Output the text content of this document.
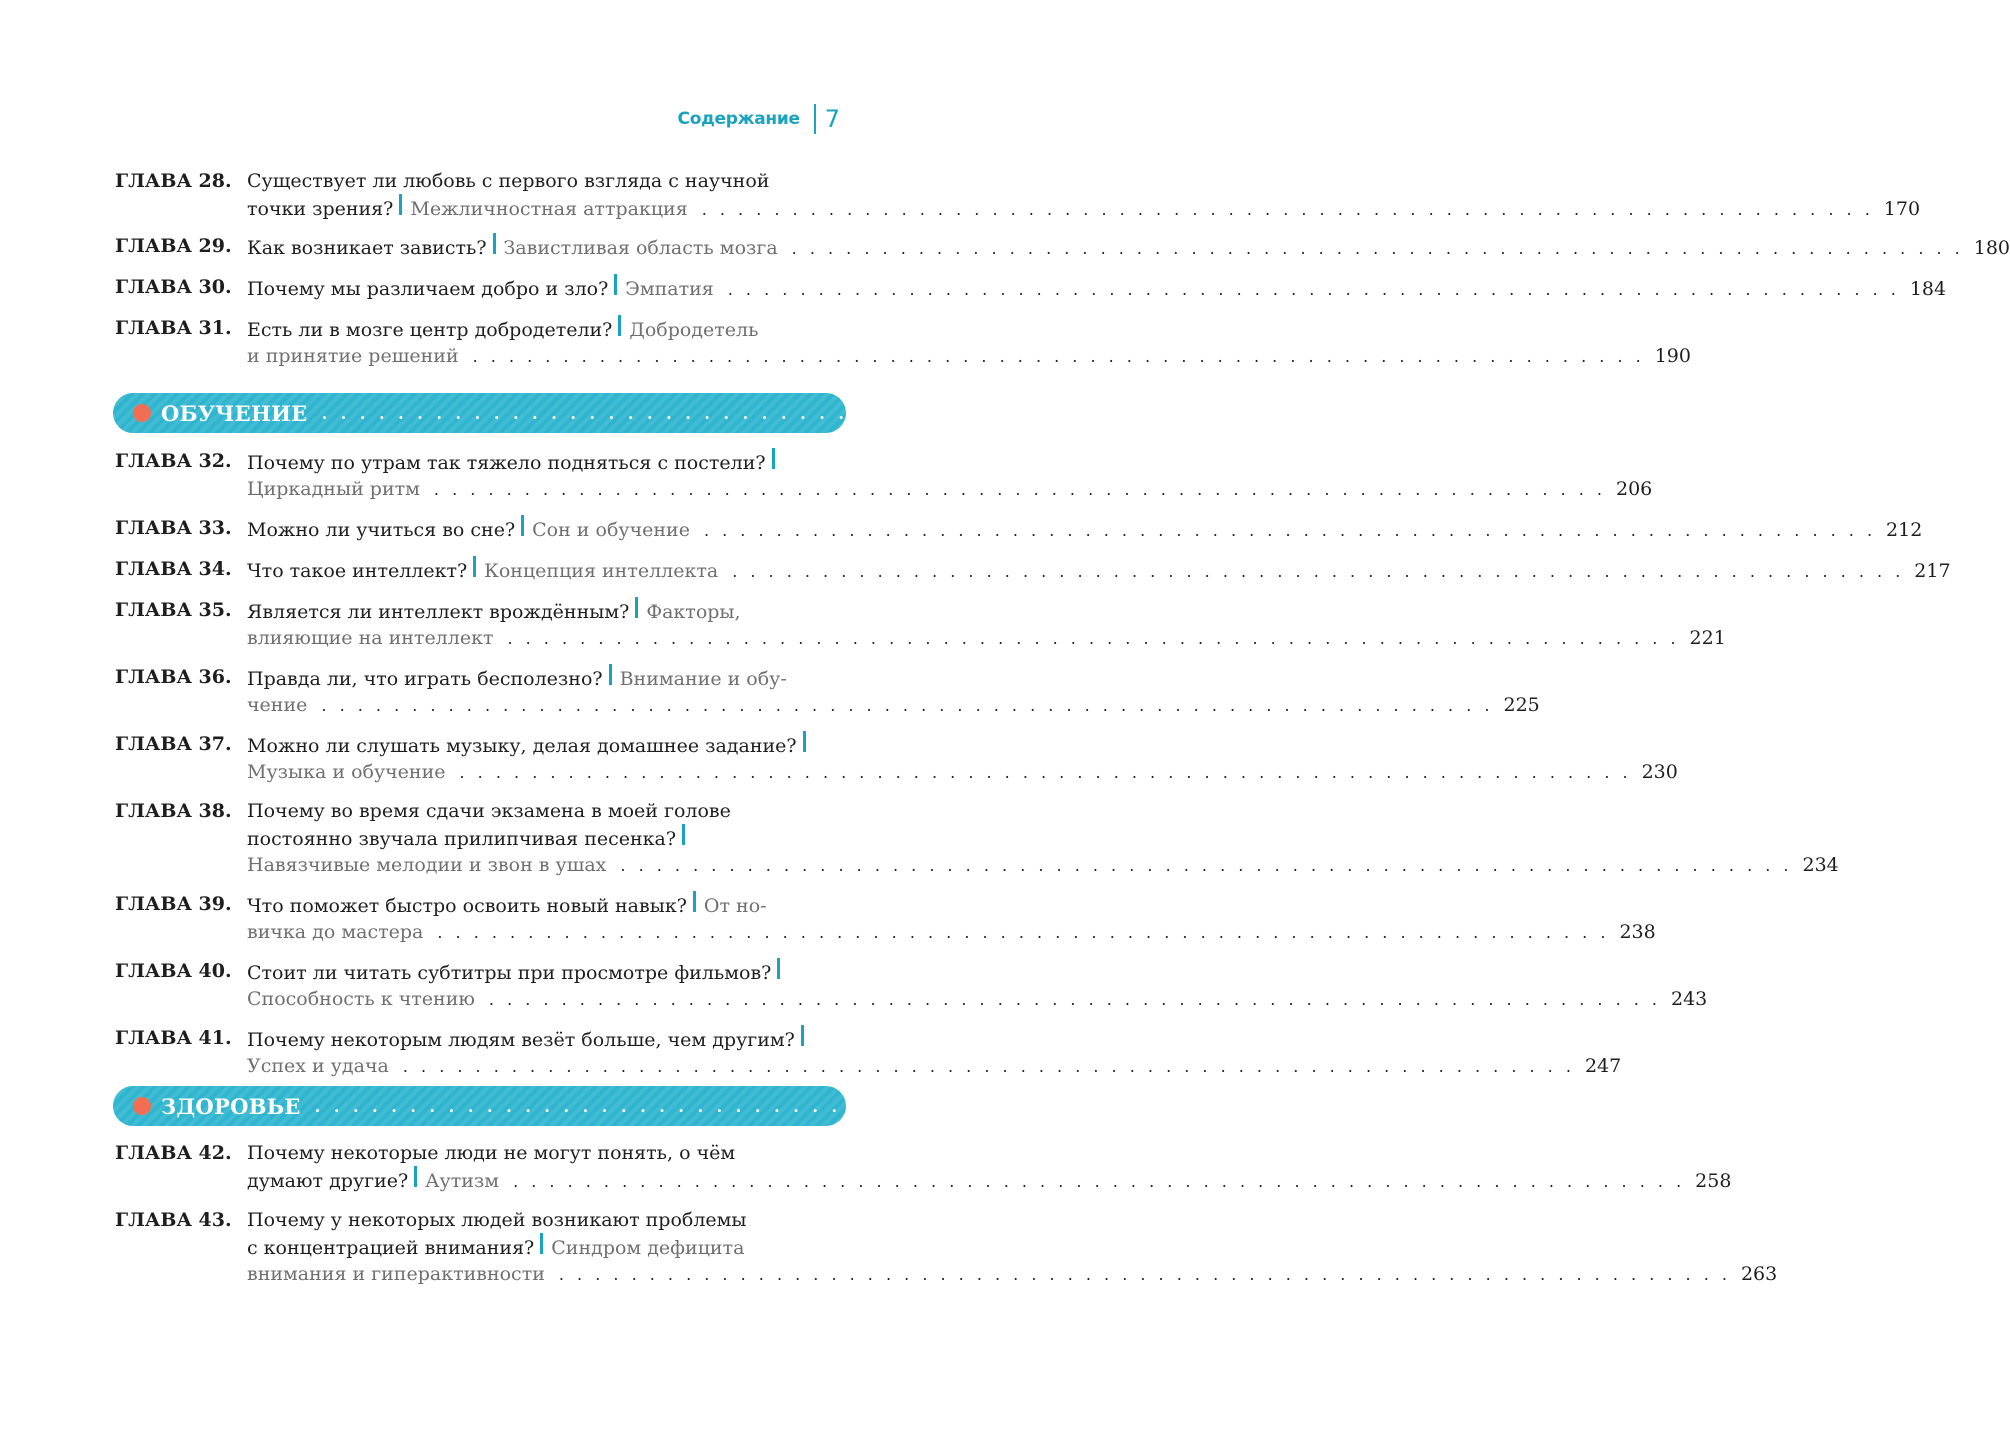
Содержание 7
ГЛАВА 28. Существует ли любовь с первого взгляда с научной
точки зрения? Межличностная аттракция . . . . . . . . . . . . . . . . . . . . . . . . . . . . . . . . . . . . . . . . . . . . . . . . . . . . . . . . . . . . . . . . . 170
ГЛАВА 29. Как возникает зависть? Завистливая область мозга . . . . . . . . . . . . . . . . . . . . . . . . . . . . . . . . . . . . . . . . . . . . . . . . . . . . . . . . . . . . . . . . . 180
ГЛАВА 30. Почему мы различаем добро и зло? Эмпатия . . . . . . . . . . . . . . . . . . . . . . . . . . . . . . . . . . . . . . . . . . . . . . . . . . . . . . . . . . . . . . . . . 184
ГЛАВА 31. Есть ли в мозге центр добродетели? Добродетель
и принятие решений . . . . . . . . . . . . . . . . . . . . . . . . . . . . . . . . . . . . . . . . . . . . . . . . . . . . . . . . . . . . . . . . . 190
ОБУЧЕНИЕ . . . . . . . . . . . . . . . . . . . . . . . . . . . . . . . . . . . . . . . . . . . . . . . . . . . . . . . . . . . . . . . . . 205
ГЛАВА 32. Почему по утрам так тяжело подняться с постели?
Циркадный ритм . . . . . . . . . . . . . . . . . . . . . . . . . . . . . . . . . . . . . . . . . . . . . . . . . . . . . . . . . . . . . . . . . 206
ГЛАВА 33. Можно ли учиться во сне? Сон и обучение . . . . . . . . . . . . . . . . . . . . . . . . . . . . . . . . . . . . . . . . . . . . . . . . . . . . . . . . . . . . . . . . . 212
ГЛАВА 34. Что такое интеллект? Концепция интеллекта . . . . . . . . . . . . . . . . . . . . . . . . . . . . . . . . . . . . . . . . . . . . . . . . . . . . . . . . . . . . . . . . . 217
ГЛАВА 35. Является ли интеллект врождённым? Факторы,
влияющие на интеллект . . . . . . . . . . . . . . . . . . . . . . . . . . . . . . . . . . . . . . . . . . . . . . . . . . . . . . . . . . . . . . . . . 221
ГЛАВА 36. Правда ли, что играть бесполезно? Внимание и обу-
чение . . . . . . . . . . . . . . . . . . . . . . . . . . . . . . . . . . . . . . . . . . . . . . . . . . . . . . . . . . . . . . . . . 225
ГЛАВА 37. Можно ли слушать музыку, делая домашнее задание?
Музыка и обучение . . . . . . . . . . . . . . . . . . . . . . . . . . . . . . . . . . . . . . . . . . . . . . . . . . . . . . . . . . . . . . . . . 230
ГЛАВА 38. Почему во время сдачи экзамена в моей голове
постоянно звучала прилипчивая песенка?
Навязчивые мелодии и звон в ушах . . . . . . . . . . . . . . . . . . . . . . . . . . . . . . . . . . . . . . . . . . . . . . . . . . . . . . . . . . . . . . . . . 234
ГЛАВА 39. Что поможет быстро освоить новый навык? От но-
вичка до мастера . . . . . . . . . . . . . . . . . . . . . . . . . . . . . . . . . . . . . . . . . . . . . . . . . . . . . . . . . . . . . . . . . 238
ГЛАВА 40. Стоит ли читать субтитры при просмотре фильмов?
Способность к чтению . . . . . . . . . . . . . . . . . . . . . . . . . . . . . . . . . . . . . . . . . . . . . . . . . . . . . . . . . . . . . . . . . 243
ГЛАВА 41. Почему некоторым людям везёт больше, чем другим?
Успех и удача . . . . . . . . . . . . . . . . . . . . . . . . . . . . . . . . . . . . . . . . . . . . . . . . . . . . . . . . . . . . . . . . . 247
ЗДОРОВЬЕ . . . . . . . . . . . . . . . . . . . . . . . . . . . . . . . . . . . . . . . . . . . . . . . . . . . . . . . . . . . . . . . . . 257
ГЛАВА 42. Почему некоторые люди не могут понять, о чём
думают другие? Аутизм . . . . . . . . . . . . . . . . . . . . . . . . . . . . . . . . . . . . . . . . . . . . . . . . . . . . . . . . . . . . . . . . . 258
ГЛАВА 43. Почему у некоторых людей возникают проблемы
с концентрацией внимания? Синдром дефицита
внимания и гиперактивности . . . . . . . . . . . . . . . . . . . . . . . . . . . . . . . . . . . . . . . . . . . . . . . . . . . . . . . . . . . . . . . . . 263
